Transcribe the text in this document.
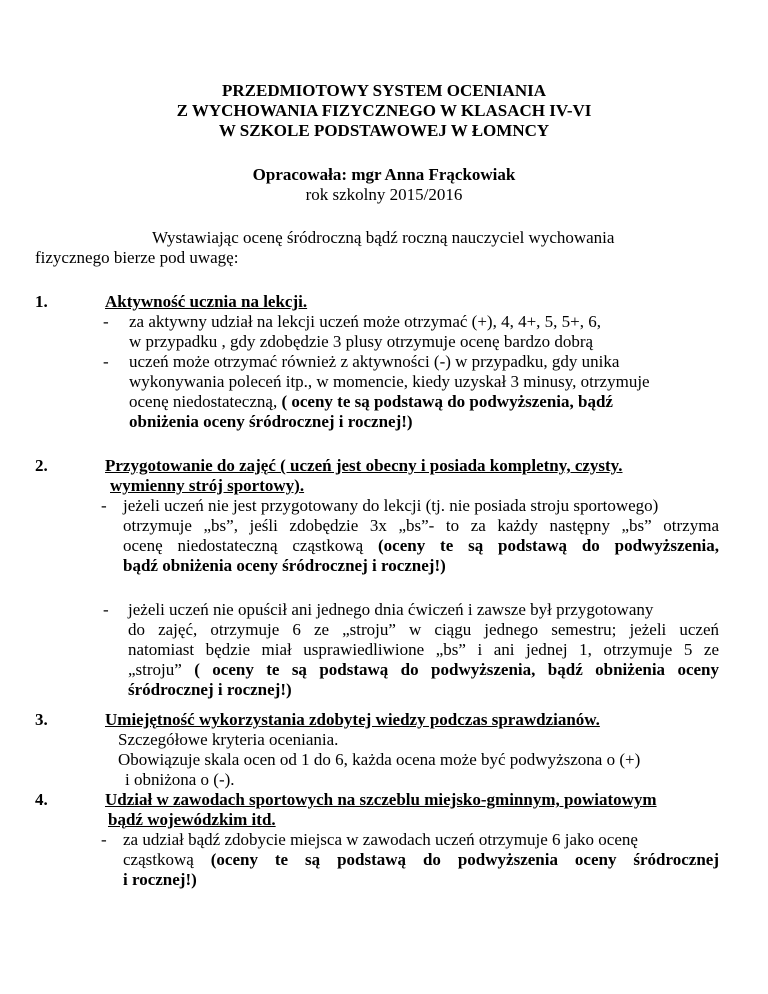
PRZEDMIOTOWY SYSTEM OCENIANIA
Z WYCHOWANIA FIZYCZNEGO W KLASACH IV-VI
W SZKOLE PODSTAWOWEJ W ŁOMNCY
Opracowała: mgr Anna Frąckowiak
rok szkolny 2015/2016
Wystawiając ocenę śródroczną bądź roczną nauczyciel wychowania
fizycznego bierze pod uwagę:
1.	Aktywność ucznia na lekcji.
- za aktywny udział na lekcji uczeń może otrzymać (+), 4, 4+, 5, 5+, 6,
w przypadku , gdy zdobędzie 3 plusy otrzymuje ocenę bardzo dobrą
- uczeń może otrzymać również z aktywności (-) w przypadku, gdy unika
wykonywania poleceń itp., w momencie, kiedy uzyskał 3 minusy, otrzymuje
ocenę niedostateczną, ( oceny te są podstawą do podwyższenia, bądź
obniżenia oceny śródrocznej i rocznej!)
2.	Przygotowanie do zajęć ( uczeń jest obecny i posiada kompletny, czysty.
wymienny strój sportowy).
- jeżeli uczeń nie jest przygotowany do lekcji (tj. nie posiada stroju sportowego)
otrzymuje „bs”, jeśli zdobędzie 3x „bs”- to za każdy następny „bs” otrzyma
ocenę niedostateczną cząstkową (oceny te są podstawą do podwyższenia,
bądź obniżenia oceny śródrocznej i rocznej!)
- jeżeli uczeń nie opuścił ani jednego dnia ćwiczeń i zawsze był przygotowany
do zajęć, otrzymuje 6 ze „stroju” w ciągu jednego semestru; jeżeli uczeń
natomiast będzie miał usprawiedliwione „bs” i ani jednej 1, otrzymuje 5 ze
„stroju” ( oceny te są podstawą do podwyższenia, bądź obniżenia oceny
śródrocznej i rocznej!)
3.	Umiejętność wykorzystania zdobytej wiedzy podczas sprawdzianów.
Szczegółowe kryteria oceniania.
Obowiązuje skala ocen od 1 do 6, każda ocena może być podwyższona o (+)
i obniżona o (-).
4.	Udział w zawodach sportowych na szczeblu miejsko-gminnym, powiatowym
bądź wojewódzkim itd.
- za udział bądź zdobycie miejsca w zawodach uczeń otrzymuje 6 jako ocenę
cząstkową (oceny te są podstawą do podwyższenia oceny śródrocznej
i rocznej!)
